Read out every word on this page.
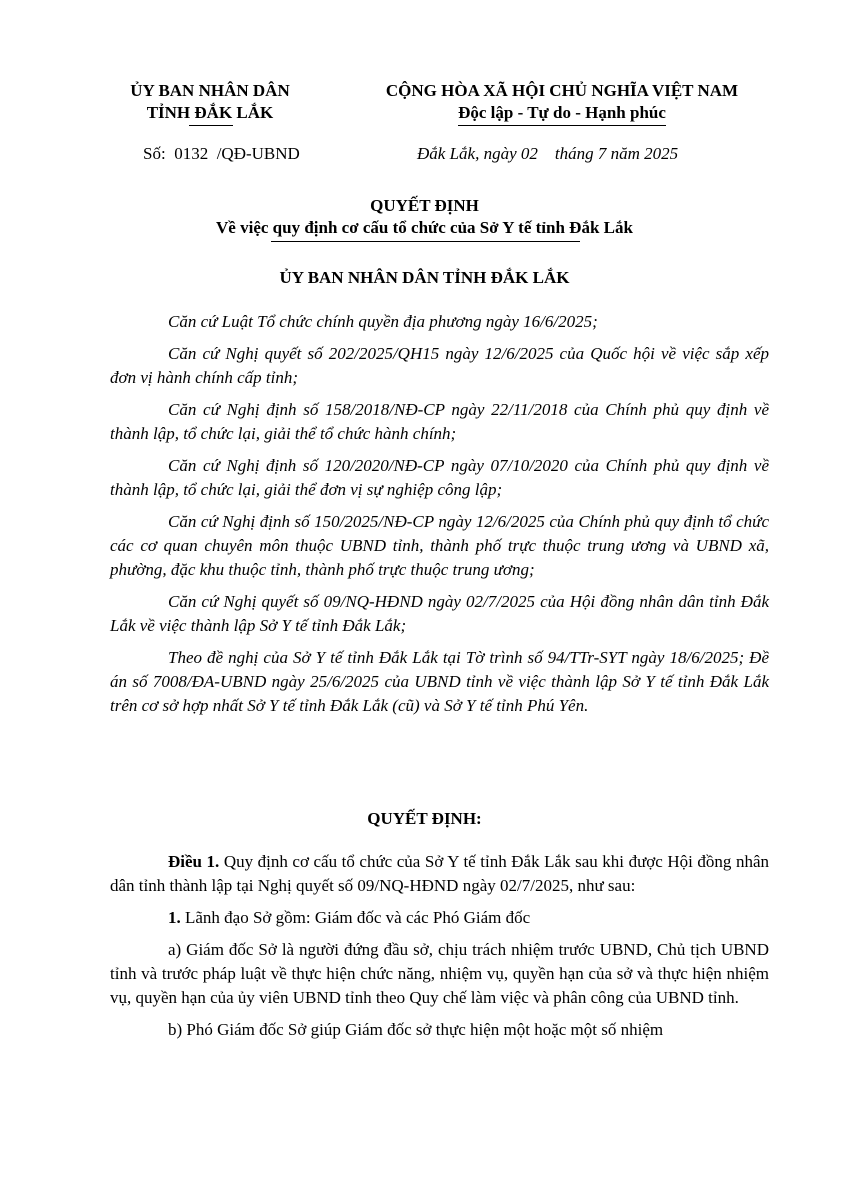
ỦY BAN NHÂN DÂN
TỈNH ĐẮK LẮK
CỘNG HÒA XÃ HỘI CHỦ NGHĨA VIỆT NAM
Độc lập - Tự do - Hạnh phúc
Số: 0132 /QĐ-UBND	Đắk Lắk, ngày 02    tháng 7 năm 2025
QUYẾT ĐỊNH
Về việc quy định cơ cấu tổ chức của Sở Y tế tỉnh Đắk Lắk
ỦY BAN NHÂN DÂN TỈNH ĐẮK LẮK

Căn cứ Luật Tổ chức chính quyền địa phương ngày 16/6/2025;

Căn cứ Nghị quyết số 202/2025/QH15 ngày 12/6/2025 của Quốc hội về việc sắp xếp đơn vị hành chính cấp tỉnh;

Căn cứ Nghị định số 158/2018/NĐ-CP ngày 22/11/2018 của Chính phủ quy định về thành lập, tổ chức lại, giải thể tổ chức hành chính;

Căn cứ Nghị định số 120/2020/NĐ-CP ngày 07/10/2020 của Chính phủ quy định về thành lập, tổ chức lại, giải thể đơn vị sự nghiệp công lập;

Căn cứ Nghị định số 150/2025/NĐ-CP ngày 12/6/2025 của Chính phủ quy định tổ chức các cơ quan chuyên môn thuộc UBND tỉnh, thành phố trực thuộc trung ương và UBND xã, phường, đặc khu thuộc tỉnh, thành phố trực thuộc trung ương;

Căn cứ Nghị quyết số 09/NQ-HĐND ngày 02/7/2025 của Hội đồng nhân dân tỉnh Đắk Lắk về việc thành lập Sở Y tế tỉnh Đắk Lắk;

Theo đề nghị của Sở Y tế tỉnh Đắk Lắk tại Tờ trình số 94/TTr-SYT ngày 18/6/2025; Đề án số 7008/ĐA-UBND ngày 25/6/2025 của UBND tỉnh về việc thành lập Sở Y tế tỉnh Đắk Lắk trên cơ sở hợp nhất Sở Y tế tỉnh Đắk Lắk (cũ) và Sở Y tế tỉnh Phú Yên.

QUYẾT ĐỊNH:

Điều 1. Quy định cơ cấu tổ chức của Sở Y tế tỉnh Đắk Lắk sau khi được Hội đồng nhân dân tỉnh thành lập tại Nghị quyết số 09/NQ-HĐND ngày 02/7/2025, như sau:

1. Lãnh đạo Sở gồm: Giám đốc và các Phó Giám đốc

a) Giám đốc Sở là người đứng đầu sở, chịu trách nhiệm trước UBND, Chủ tịch UBND tỉnh và trước pháp luật về thực hiện chức năng, nhiệm vụ, quyền hạn của sở và thực hiện nhiệm vụ, quyền hạn của ủy viên UBND tỉnh theo Quy chế làm việc và phân công của UBND tỉnh.

b) Phó Giám đốc Sở giúp Giám đốc sở thực hiện một hoặc một số nhiệm
